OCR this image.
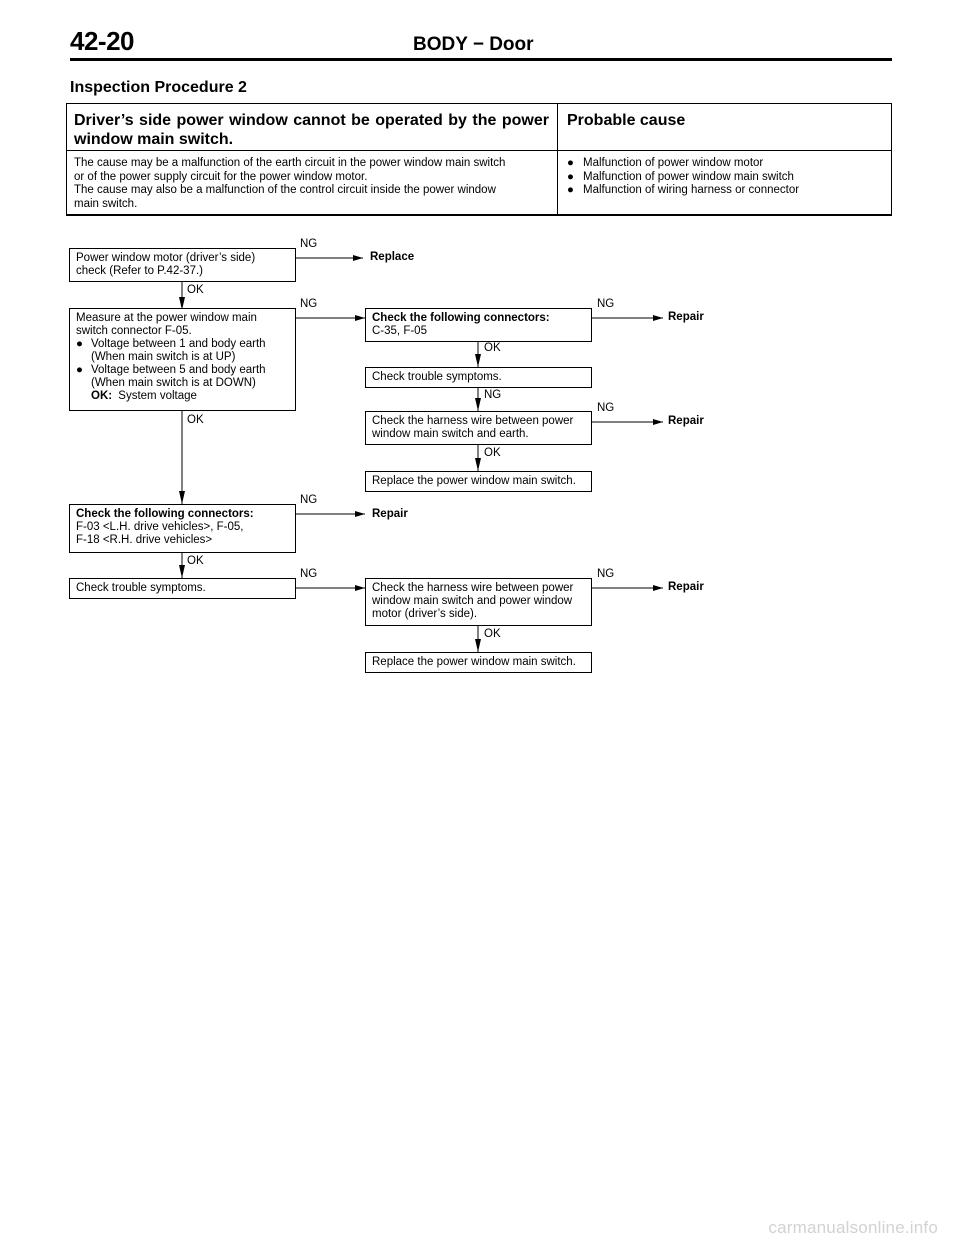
42-20	BODY − Door
Inspection Procedure 2
Driver’s side power window cannot be operated by the power window main switch.
Probable cause
The cause may be a malfunction of the earth circuit in the power window main switch
or of the power supply circuit for the power window motor.
The cause may also be a malfunction of the control circuit inside the power window
main switch.
● Malfunction of power window motor
● Malfunction of power window main switch
● Malfunction of wiring harness or connector
Power window motor (driver’s side)
check (Refer to P.42-37.)
NG
Replace
OK
Measure at the power window main
switch connector F-05.
● Voltage between 1 and body earth
(When main switch is at UP)
● Voltage between 5 and body earth
(When main switch is at DOWN)
OK: System voltage
NG
OK
Check the following connectors:
C-35, F-05
NG
Repair
OK
Check trouble symptoms.
NG
Check the harness wire between power
window main switch and earth.
NG
Repair
OK
Replace the power window main switch.
Check the following connectors:
F-03 <L.H. drive vehicles>, F-05,
F-18 <R.H. drive vehicles>
NG
Repair
OK
Check trouble symptoms.
NG
Check the harness wire between power
window main switch and power window
motor (driver’s side).
NG
Repair
OK
Replace the power window main switch.
carmanualsonline.info
